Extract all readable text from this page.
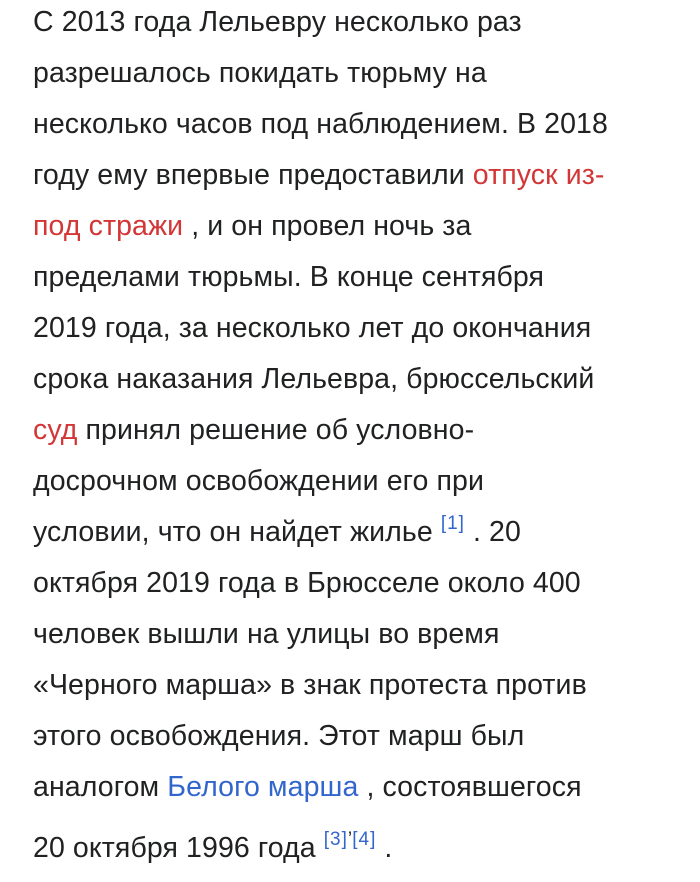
С 2013 года Лельевру несколько раз
разрешалось покидать тюрьму на
несколько часов под наблюдением. В 2018
году ему впервые предоставили отпуск из-
под стражи , и он провел ночь за
пределами тюрьмы. В конце сентября
2019 года, за несколько лет до окончания
срока наказания Лельевра, брюссельский
суд принял решение об условно-
досрочном освобождении его при
условии, что он найдет жилье [1] . 20
октября 2019 года в Брюсселе около 400
человек вышли на улицы во время
«Черного марша» в знак протеста против
этого освобождения. Этот марш был
аналогом Белого марша , состоявшегося
20 октября 1996 года [3]’[4] .
